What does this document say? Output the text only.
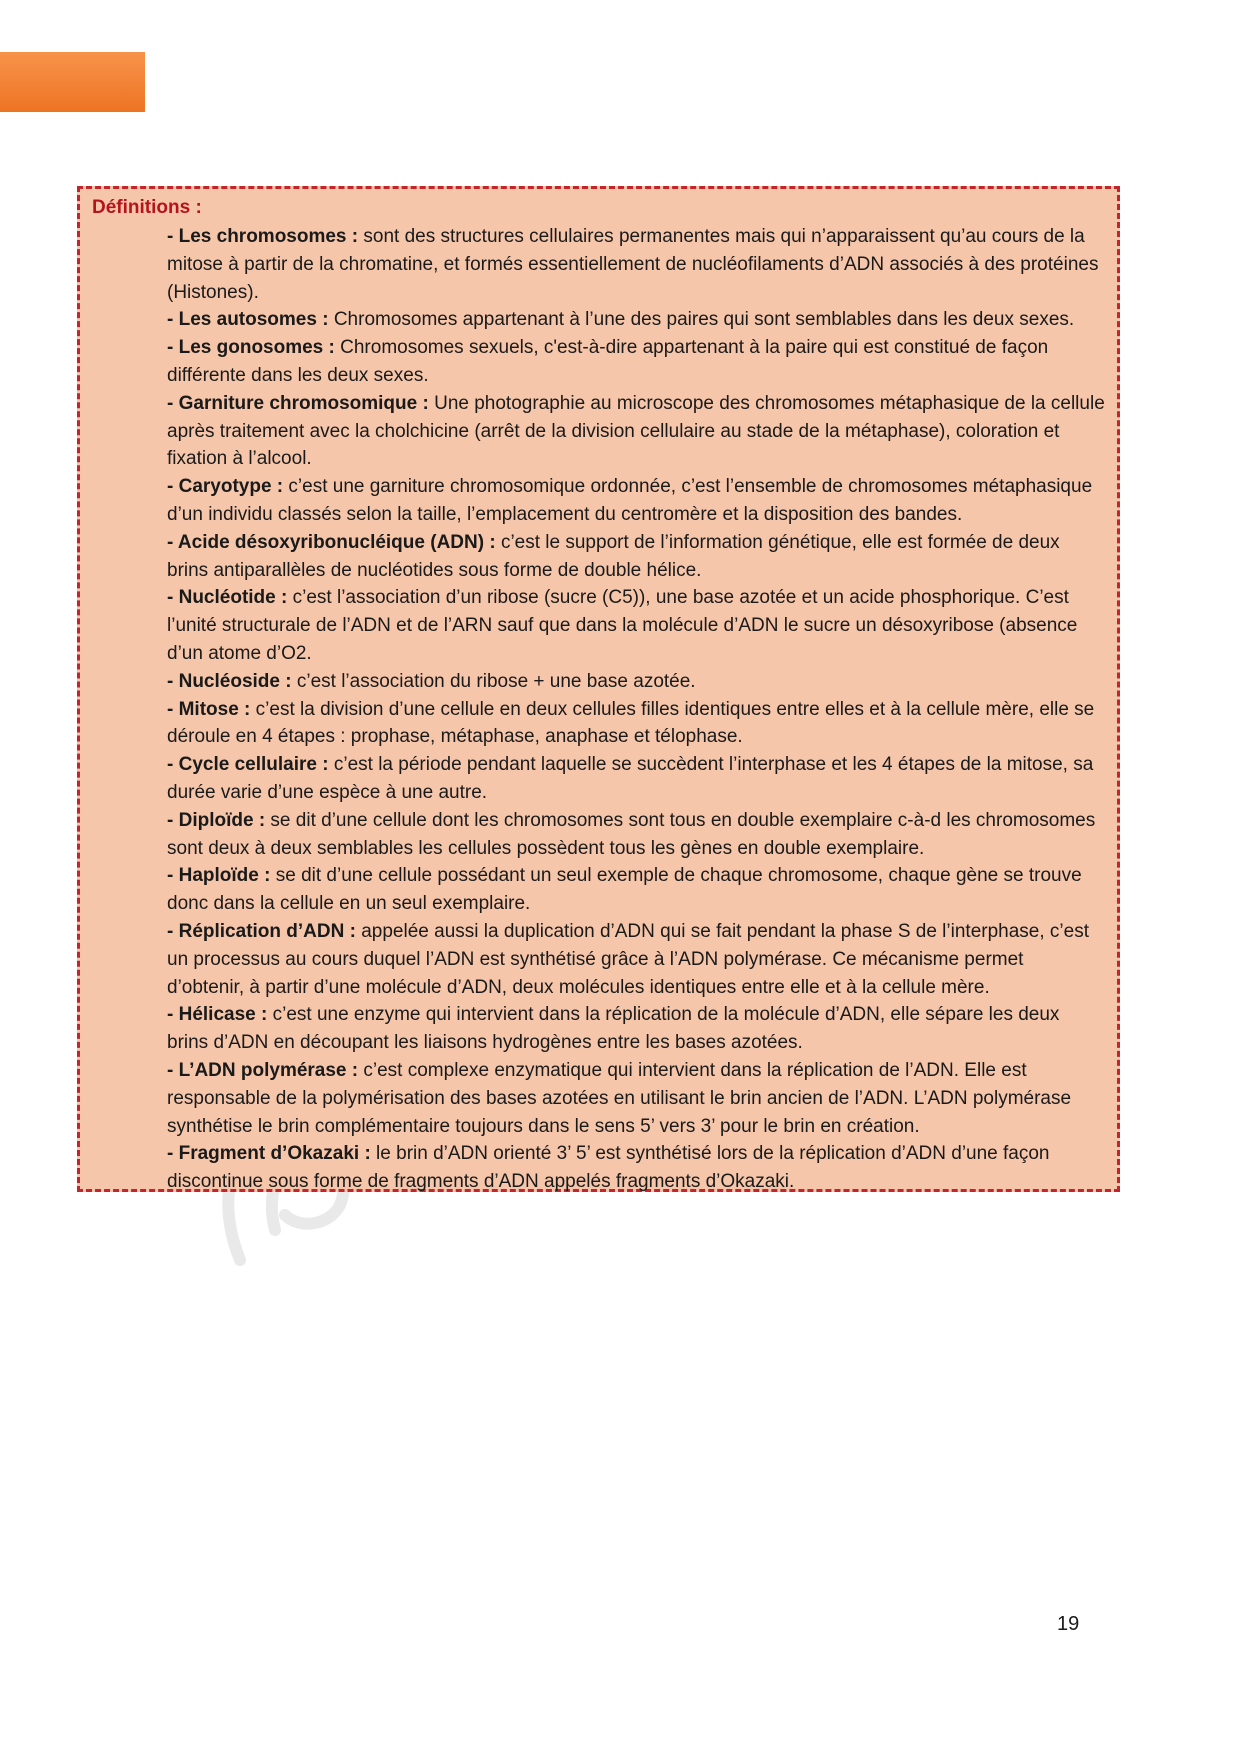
Définitions :

- Les chromosomes : sont des structures cellulaires permanentes mais qui n’apparaissent qu’au cours de la mitose à partir de la chromatine, et formés essentiellement de nucléofilaments d’ADN associés à des protéines (Histones).

- Les autosomes : Chromosomes appartenant à l’une des paires qui sont semblables dans les deux sexes.

- Les gonosomes : Chromosomes sexuels, c'est-à-dire appartenant à la paire qui est constitué de façon différente dans les deux sexes.

- Garniture chromosomique : Une photographie au microscope des chromosomes métaphasique de la cellule après traitement avec la cholchicine (arrêt de la division cellulaire au stade de la métaphase), coloration et fixation à l’alcool.

- Caryotype : c’est une garniture chromosomique ordonnée, c’est l’ensemble de chromosomes métaphasique d’un individu classés selon la taille, l’emplacement du centromère et la disposition des bandes.

- Acide désoxyribonucléique (ADN) : c’est le support de l’information génétique, elle est formée de deux brins antiparallèles de nucléotides sous forme de double hélice.

- Nucléotide : c’est l’association d’un ribose (sucre (C5)), une base azotée et un acide phosphorique. C’est l’unité structurale de l’ADN et de l’ARN sauf que dans la molécule d’ADN le sucre un désoxyribose (absence d’un atome d’O2.

- Nucléoside : c’est l’association du ribose + une base azotée.

- Mitose : c’est la division d’une cellule en deux cellules filles identiques entre elles et à la cellule mère, elle se déroule en 4 étapes : prophase, métaphase, anaphase et télophase.

- Cycle cellulaire : c’est la période pendant laquelle se succèdent l’interphase et les 4 étapes de la mitose, sa durée varie d’une espèce à une autre.

- Diploïde : se dit d’une cellule dont les chromosomes sont tous en double exemplaire c-à-d les chromosomes sont deux à deux semblables les cellules possèdent tous les gènes en double exemplaire.

- Haploïde : se dit d’une cellule possédant un seul exemple de chaque chromosome, chaque gène se trouve donc dans la cellule en un seul exemplaire.

- Réplication d’ADN : appelée aussi la duplication d’ADN qui se fait pendant la phase S de l’interphase, c’est un processus au cours duquel l’ADN est synthétisé grâce à l’ADN polymérase. Ce mécanisme permet d’obtenir, à partir d’une molécule d’ADN, deux molécules identiques entre elle et à la cellule mère.

- Hélicase : c’est une enzyme qui intervient dans la réplication de la molécule d’ADN, elle sépare les deux brins d’ADN en découpant les liaisons hydrogènes entre les bases azotées.

- L’ADN polymérase : c’est complexe enzymatique qui intervient dans la réplication de l’ADN. Elle est responsable de la polymérisation des bases azotées en utilisant le brin ancien de l’ADN. L’ADN polymérase synthétise le brin complémentaire toujours dans le sens 5’ vers 3’ pour le brin en création.

- Fragment d’Okazaki : le brin d’ADN orienté 3’ 5’ est synthétisé lors de la réplication d’ADN d’une façon discontinue sous forme de fragments d’ADN appelés fragments d’Okazaki.

19
